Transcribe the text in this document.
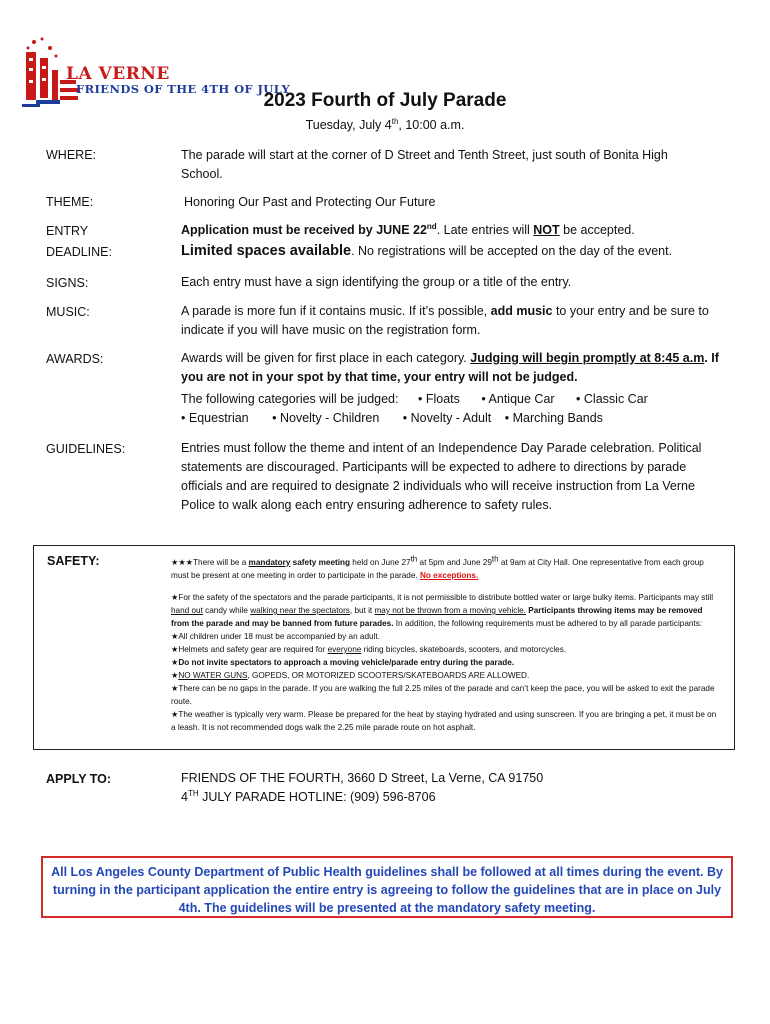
LA VERNE
FRIENDS OF THE 4TH OF JULY
2023 Fourth of July Parade
Tuesday, July 4th, 10:00 a.m.
WHERE:	The parade will start at the corner of D Street and Tenth Street, just south of Bonita High School.
THEME:	Honoring Our Past and Protecting Our Future
ENTRY
DEADLINE:
Application must be received by JUNE 22nd. Late entries will NOT be accepted.
Limited spaces available. No registrations will be accepted on the day of the event.
SIGNS:	Each entry must have a sign identifying the group or a title of the entry.
MUSIC:	A parade is more fun if it contains music. If it’s possible, add music to your entry and be sure to indicate if you will have music on the registration form.
AWARDS:	Awards will be given for first place in each category. Judging will begin promptly at 8:45 a.m. If you are not in your spot by that time, your entry will not be judged.
The following categories will be judged: • Floats • Antique Car • Classic Car
• Equestrian • Novelty - Children • Novelty - Adult • Marching Bands
GUIDELINES:	Entries must follow the theme and intent of an Independence Day Parade celebration. Political statements are discouraged. Participants will be expected to adhere to directions by parade officials and are required to designate 2 individuals who will receive instruction from La Verne Police to walk along each entry ensuring adherence to safety rules.
SAFETY:	★★★There will be a mandatory safety meeting held on June 27th at 5pm and June 29th at 9am at City Hall. One representative from each group must be present at one meeting in order to participate in the parade. No exceptions.

★For the safety of the spectators and the parade participants, it is not permissible to distribute bottled water or large bulky items. Participants may still hand out candy while walking near the spectators, but it may not be thrown from a moving vehicle. Participants throwing items may be removed from the parade and may be banned from future parades. In addition, the following requirements must be adhered to by all parade participants:

★All children under 18 must be accompanied by an adult.

★Helmets and safety gear are required for everyone riding bicycles, skateboards, scooters, and motorcycles.

★Do not invite spectators to approach a moving vehicle/parade entry during the parade.

★NO WATER GUNS, GOPEDS, OR MOTORIZED SCOOTERS/SKATEBOARDS ARE ALLOWED.

★There can be no gaps in the parade. If you are walking the full 2.25 miles of the parade and can’t keep the pace, you will be asked to exit the parade route.

★The weather is typically very warm. Please be prepared for the heat by staying hydrated and using sunscreen. If you are bringing a pet, it must be on a leash. It is not recommended dogs walk the 2.25 mile parade route on hot asphalt.

APPLY TO:	FRIENDS OF THE FOURTH, 3660 D Street, La Verne, CA 91750
4TH JULY PARADE HOTLINE: (909) 596-8706
All Los Angeles County Department of Public Health guidelines shall be followed at all times during the event. By turning in the participant application the entire entry is agreeing to follow the guidelines that are in place on July 4th. The guidelines will be presented at the mandatory safety meeting.
